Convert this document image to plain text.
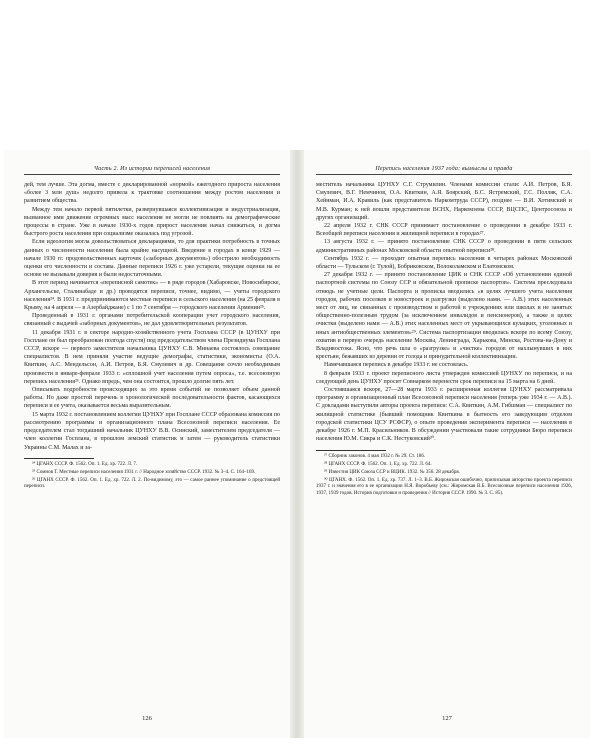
Часть 2. Из истории переписей населения

дей, тем лучше. Эта догма, вместе с декларированной «нормой» ежегодного прироста населения «более 3 млн душ» недолго привела к трактовке соотношения между ростом населения и развитием общества.

Между тем начало первой пятилетки, развернувшаяся коллективизация и индустриализация, вызванное ими движение огромных масс населения не могли не повлиять на демографические процессы в стране. Уже в начале 1930-х годов прирост населения начал снижаться, и догма быстрого роста населения при социализме оказалась под угрозой.

Если идеология могла довольствоваться декларациями, то для практики потребность в точных данных о численности населения была крайне насущной. Введение в городах в конце 1929 — начале 1930 гг. продовольственных карточек («заборных документов») обострило необходимость оценки его численности и состава. Данные переписи 1926 г. уже устарели, текущие оценки на ее основе не вызывали доверия и были недостаточными.

В этот период начинается «переписной самотек» — в ряде городов (Хабаровске, Новосибирске, Архангельске, Сталинабаде и др.) проводятся переписи, точнее, видимо, — учеты городского населения²⁴. В 1931 г. предпринимаются местные переписи и сельского населения (на 25 февраля в Крыму, на 4 апреля — в Азербайджане) с 1 по 7 сентября — городского населения Армении²⁵.

Проведенный в 1931 г. органами потребительской кооперации учет городского населения, связанный с выдачей «заборных документов», не дал удовлетворительных результатов.

11 декабря 1931 г. в секторе народно-хозяйственного учета Госплана СССР (в ЦУНХУ при Госплане он был преобразован полгода спустя) под председательством члена Президиума Госплана СССР, вскоре — первого заместителя начальника ЦУНХУ С.В. Минаева состоялось совещание специалистов. В нем приняли участие ведущие демографы, статистики, экономисты (О.А. Квиткин, А.С. Мендельсон, А.И. Петров, Б.Я. Смулевич и др. Совещание сочло необходимым произвести в январе-феврале 1933 г. «сплошной учет населения путем опроса», т.е. всесоюзную перепись населения²⁶. Однако впредь, чем она состоится, прошло долгие пять лет.

Описывать подробности происходящих за это время событий не позволяет объем данной работы. Но даже простой перечень в хронологической последовательности фактов, касающихся переписи и ее учета, оказывается весьма выразительным.

15 марта 1932 г. постановлением коллегии ЦУНХУ при Госплане СССР образована комиссия по рассмотрению программы и организационного плана Всесоюзной переписи населения. Ее председателем стал тогдашний начальник ЦУНХУ В.В. Осинский, заместителем председателя — член коллегии Госплана, в прошлом земский статистик и затем — руководитель статистики Украины С.М. Малах и за-

²⁴ ЦГАНХ СССР. Ф. 1562. Оп. 1. Ед. хр. 722. Л. 7.

²⁵ Сомнов Т. Местные переписи населения 1931 г. // Народное хозяйство СССР. 1932. № 3–4. С. 164–169.

²⁶ ЦГАНХ СССР. Ф. 1562. Оп. 1. Ед. хр. 722. Л. 2. По-видимому, это — самое раннее упоминание о предстоящей переписи.

126
Перепись населения 1937 года: вымыслы и правда

меститель начальника ЦУНХУ С.Г. Струмилин. Членами комиссии стали: А.И. Петров, Б.Я. Смулевич, В.Г. Немчинов, О.А. Квиткин, А.Я. Боярский, Б.С. Ястремский, Г.С. Полляк, С.А. Хейнман, И.А. Кравиль (как представитель Наркомтруда СССР), позднее — В.И. Хотимский и М.В. Курман; к ней вошли представители ВСНХ, Наркомзема СССР, ВЦСПС, Центросоюза и других организаций.

22 апреля 1932 г. СНК СССР принимает постановление о проведении в декабре 1933 г. Всеобщей переписи населения и жилищной переписи в городах²⁷.

13 августа 1932 г. — принято постановление СНК СССР о проведении в пяти сельских административных районах Московской области опытной переписи²⁸.

Сентябрь 1932 г. — проходит опытная перепись населения в четырех районах Московской области — Тульском (г. Тулой), Бобриковском, Волоколамском и Елатомском.

27 декабря 1932 г. — принято постановление ЦИК и СНК СССР «Об установлении единой паспортной системы по Союзу ССР и обязательной прописке паспортов». Система преследовала отнюдь не учетные цели. Паспорта и прописка вводились «в целях лучшего учета населения городов, рабочих поселков и новостроек и разгрузки (выделено нами. — А.В.) этих населенных мест от лиц, не связанных с производством и работой в учреждениях или школах и не занятых общественно-полезным трудом (за исключением инвалидов и пенсионеров), а также в целях очистки (выделено нами — А.В.) этих населенных мест от укрывающихся кулацких, уголовных и иных антиобщественных элементов»²⁹. Система паспортизации вводилась вскоре по всему Союзу, охватив в первую очередь население Москвы, Ленинграда, Харькова, Минска, Ростова-на-Дону и Владивостока. Ясно, что речь шла о «разгрузке» и «чистке» городов от нахлынувших в них крестьян, бежавших из деревни от голода и принудительной коллективизации.

Намечавшаяся перепись в декабре 1933 г. не состоялась.

8 февраля 1933 г. проект переписного листа утвержден комиссией ЦУНХУ по переписи, и на следующий день ЦУНХУ просит Совнарком перенести срок переписи на 15 марта на 6 дней.

Состоявшаяся вскоре, 27—28 марта 1933 г. расширенная коллегия ЦУНХУ рассматривала программу и организационный план Всесоюзной переписи населения (теперь уже 1934 г. — А.В.). С докладами выступили авторы проекта переписи: С.А. Квиткин, А.М. Гибшман — специалист по жилищной статистике (бывший помощник Квиткина в бытность его заведующим отделом городской статистики ЦСУ РСФСР), о опыте проведения эксперимента переписи — населения в декабре 1926 г. М.П. Красильников. В обсуждении участвовали такие сотрудники Бюро переписи населения Ю.М. Сикра и С.К. Нестуковский³⁰.

²⁷ Сборник законов. 4 мая 1932 г. № 29. Ст. 186.

²⁸ ЦГАНХ СССР. Ф. 1562. Оп. 1. Ед. хр. 722. Л. 64.

²⁹ Известия ЦИК Союза ССР и ВЦИК. 1932. № 356. 28 декабря.

³⁰ ЦГАНХ. Ф. 1562. Оп. 1. Ед. хр. 737. Л. 1–3. В.Б. Жиромская ошибочно, приписывая авторство проекта переписи 1937 г. и значения его в ее организации Н.Я. Воробьеву (см.: Жиромская В.Б. Всесоюзные переписи населения 1926, 1937, 1939 годов. История подготовки и проведения // История СССР. 1990. № 3. С. 85).

127
